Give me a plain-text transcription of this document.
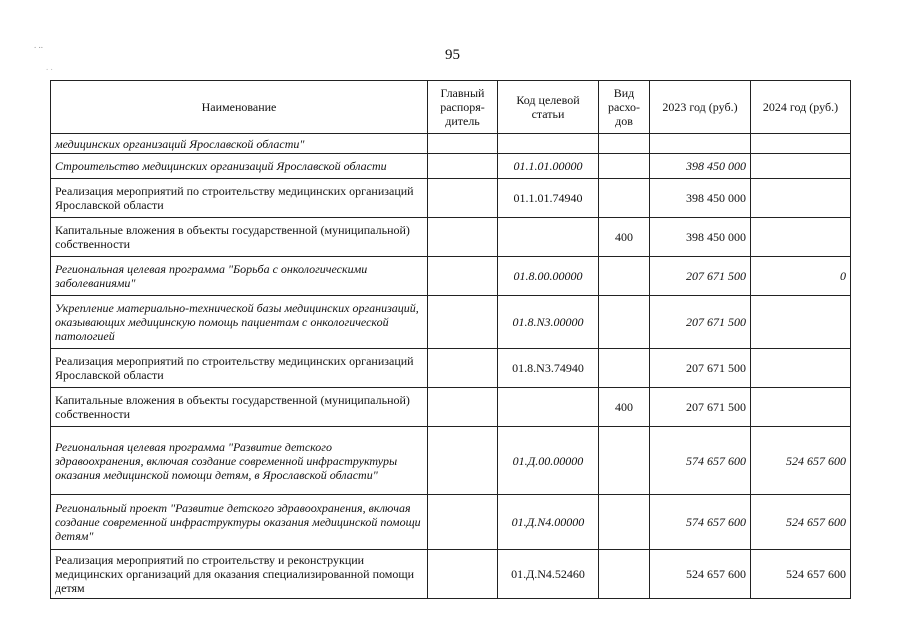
. ..
. .
95
Наименование	Главный распоря-дитель	Код целевой статьи	Вид расхо-дов	2023 год (руб.)	2024 год (руб.)
медицинских организаций Ярославской области"					
Строительство медицинских организаций Ярославской области		01.1.01.00000		398 450 000	
Реализация мероприятий по строительству медицинских организаций Ярославской области		01.1.01.74940		398 450 000	
Капитальные вложения в объекты государственной (муниципальной) собственности			400	398 450 000	
Региональная целевая программа "Борьба с онкологическими заболеваниями"		01.8.00.00000		207 671 500	0
Укрепление материально-технической базы медицинских организаций, оказывающих медицинскую помощь пациентам с онкологической патологией		01.8.N3.00000		207 671 500	
Реализация мероприятий по строительству медицинских организаций Ярославской области		01.8.N3.74940		207 671 500	
Капитальные вложения в объекты государственной (муниципальной) собственности			400	207 671 500	
Региональная целевая программа "Развитие детского здравоохранения, включая создание современной инфраструктуры оказания медицинской помощи детям, в Ярославской области"		01.Д.00.00000		574 657 600	524 657 600
Региональный проект "Развитие детского здравоохранения, включая создание современной инфраструктуры оказания медицинской помощи детям"		01.Д.N4.00000		574 657 600	524 657 600
Реализация мероприятий по строительству и реконструкции медицинских организаций для оказания специализированной помощи детям		01.Д.N4.52460		524 657 600	524 657 600
